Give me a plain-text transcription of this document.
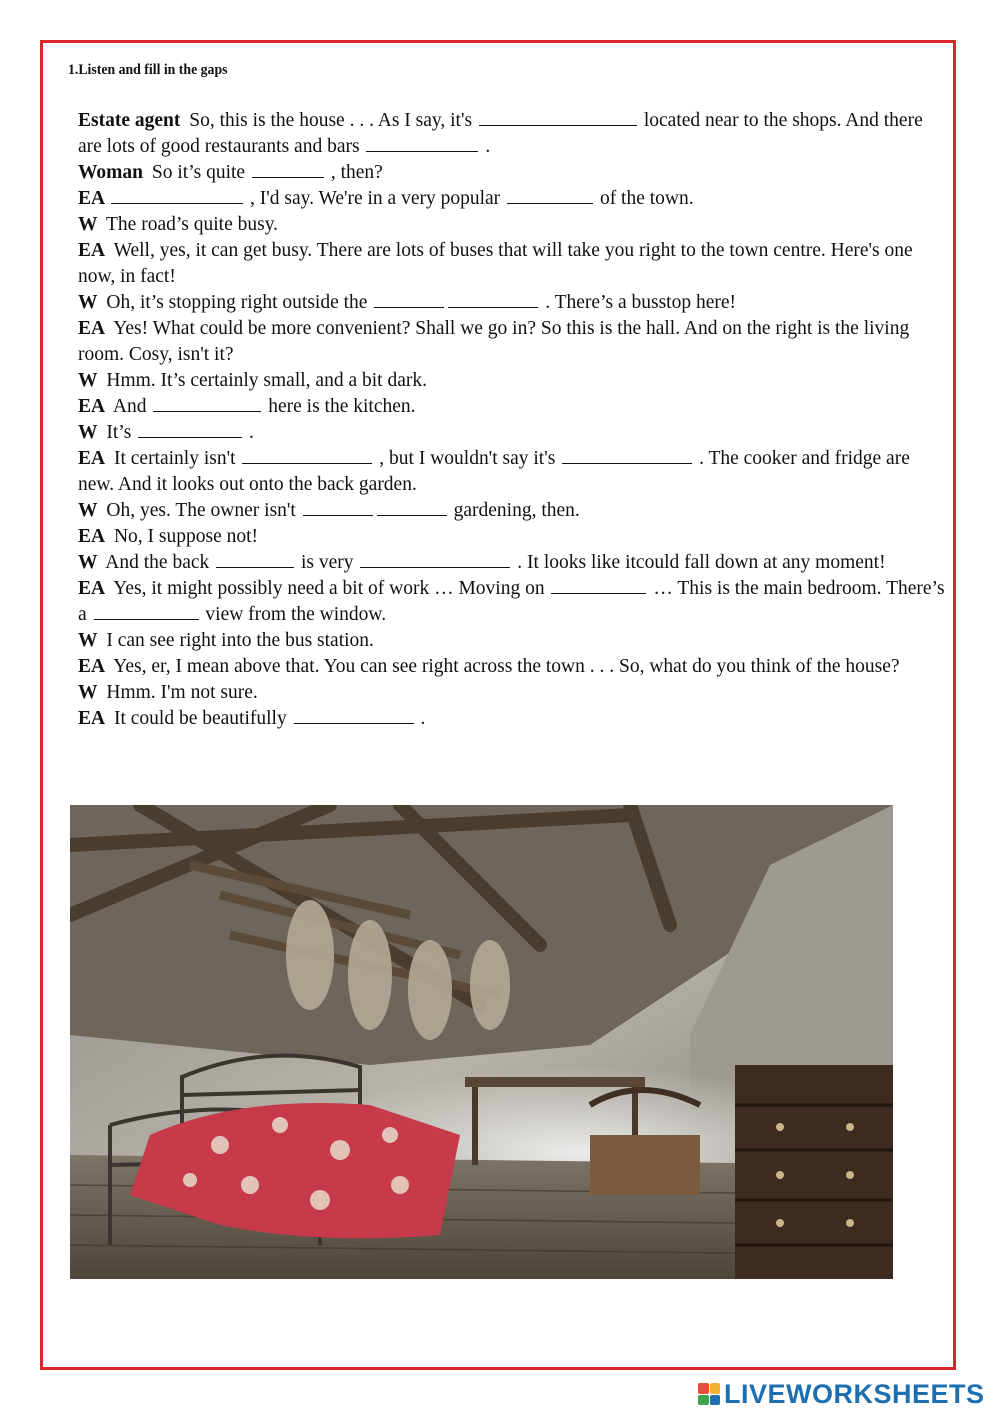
1.Listen and fill in the gaps

Estate agent So, this is the house . . . As I say, it's	located near to the shops. And there are lots of good restaurants and bars	.

Woman So it’s quite	, then?

EA	, I'd say. We're in a very popular	of the town.

W The road’s quite busy.

EA Well, yes, it can get busy. There are lots of buses that will take you right to the town centre. Here's one now, in fact!

W Oh, it’s stopping right outside the	. There’s a busstop here!

EA Yes! What could be more convenient? Shall we go in? So this is the hall. And on the right is the living room. Cosy, isn't it?

W Hmm. It’s certainly small, and a bit dark.

EA And	here is the kitchen.

W It’s	.

EA It certainly isn't	, but I wouldn't say it's	. The cooker and fridge are new. And it looks out onto the back garden.

W Oh, yes. The owner isn't	gardening, then.

EA No, I suppose not!

W And the back	is very	. It looks like itcould fall down at any moment!

EA Yes, it might possibly need a bit of work … Moving on	… This is the main bedroom. There’s a	view from the window.

W I can see right into the bus station.

EA Yes, er, I mean above that. You can see right across the town . . . So, what do you think of the house?

W Hmm. I'm not sure.

EA It could be beautifully	.

LIVEWORKSHEETS
